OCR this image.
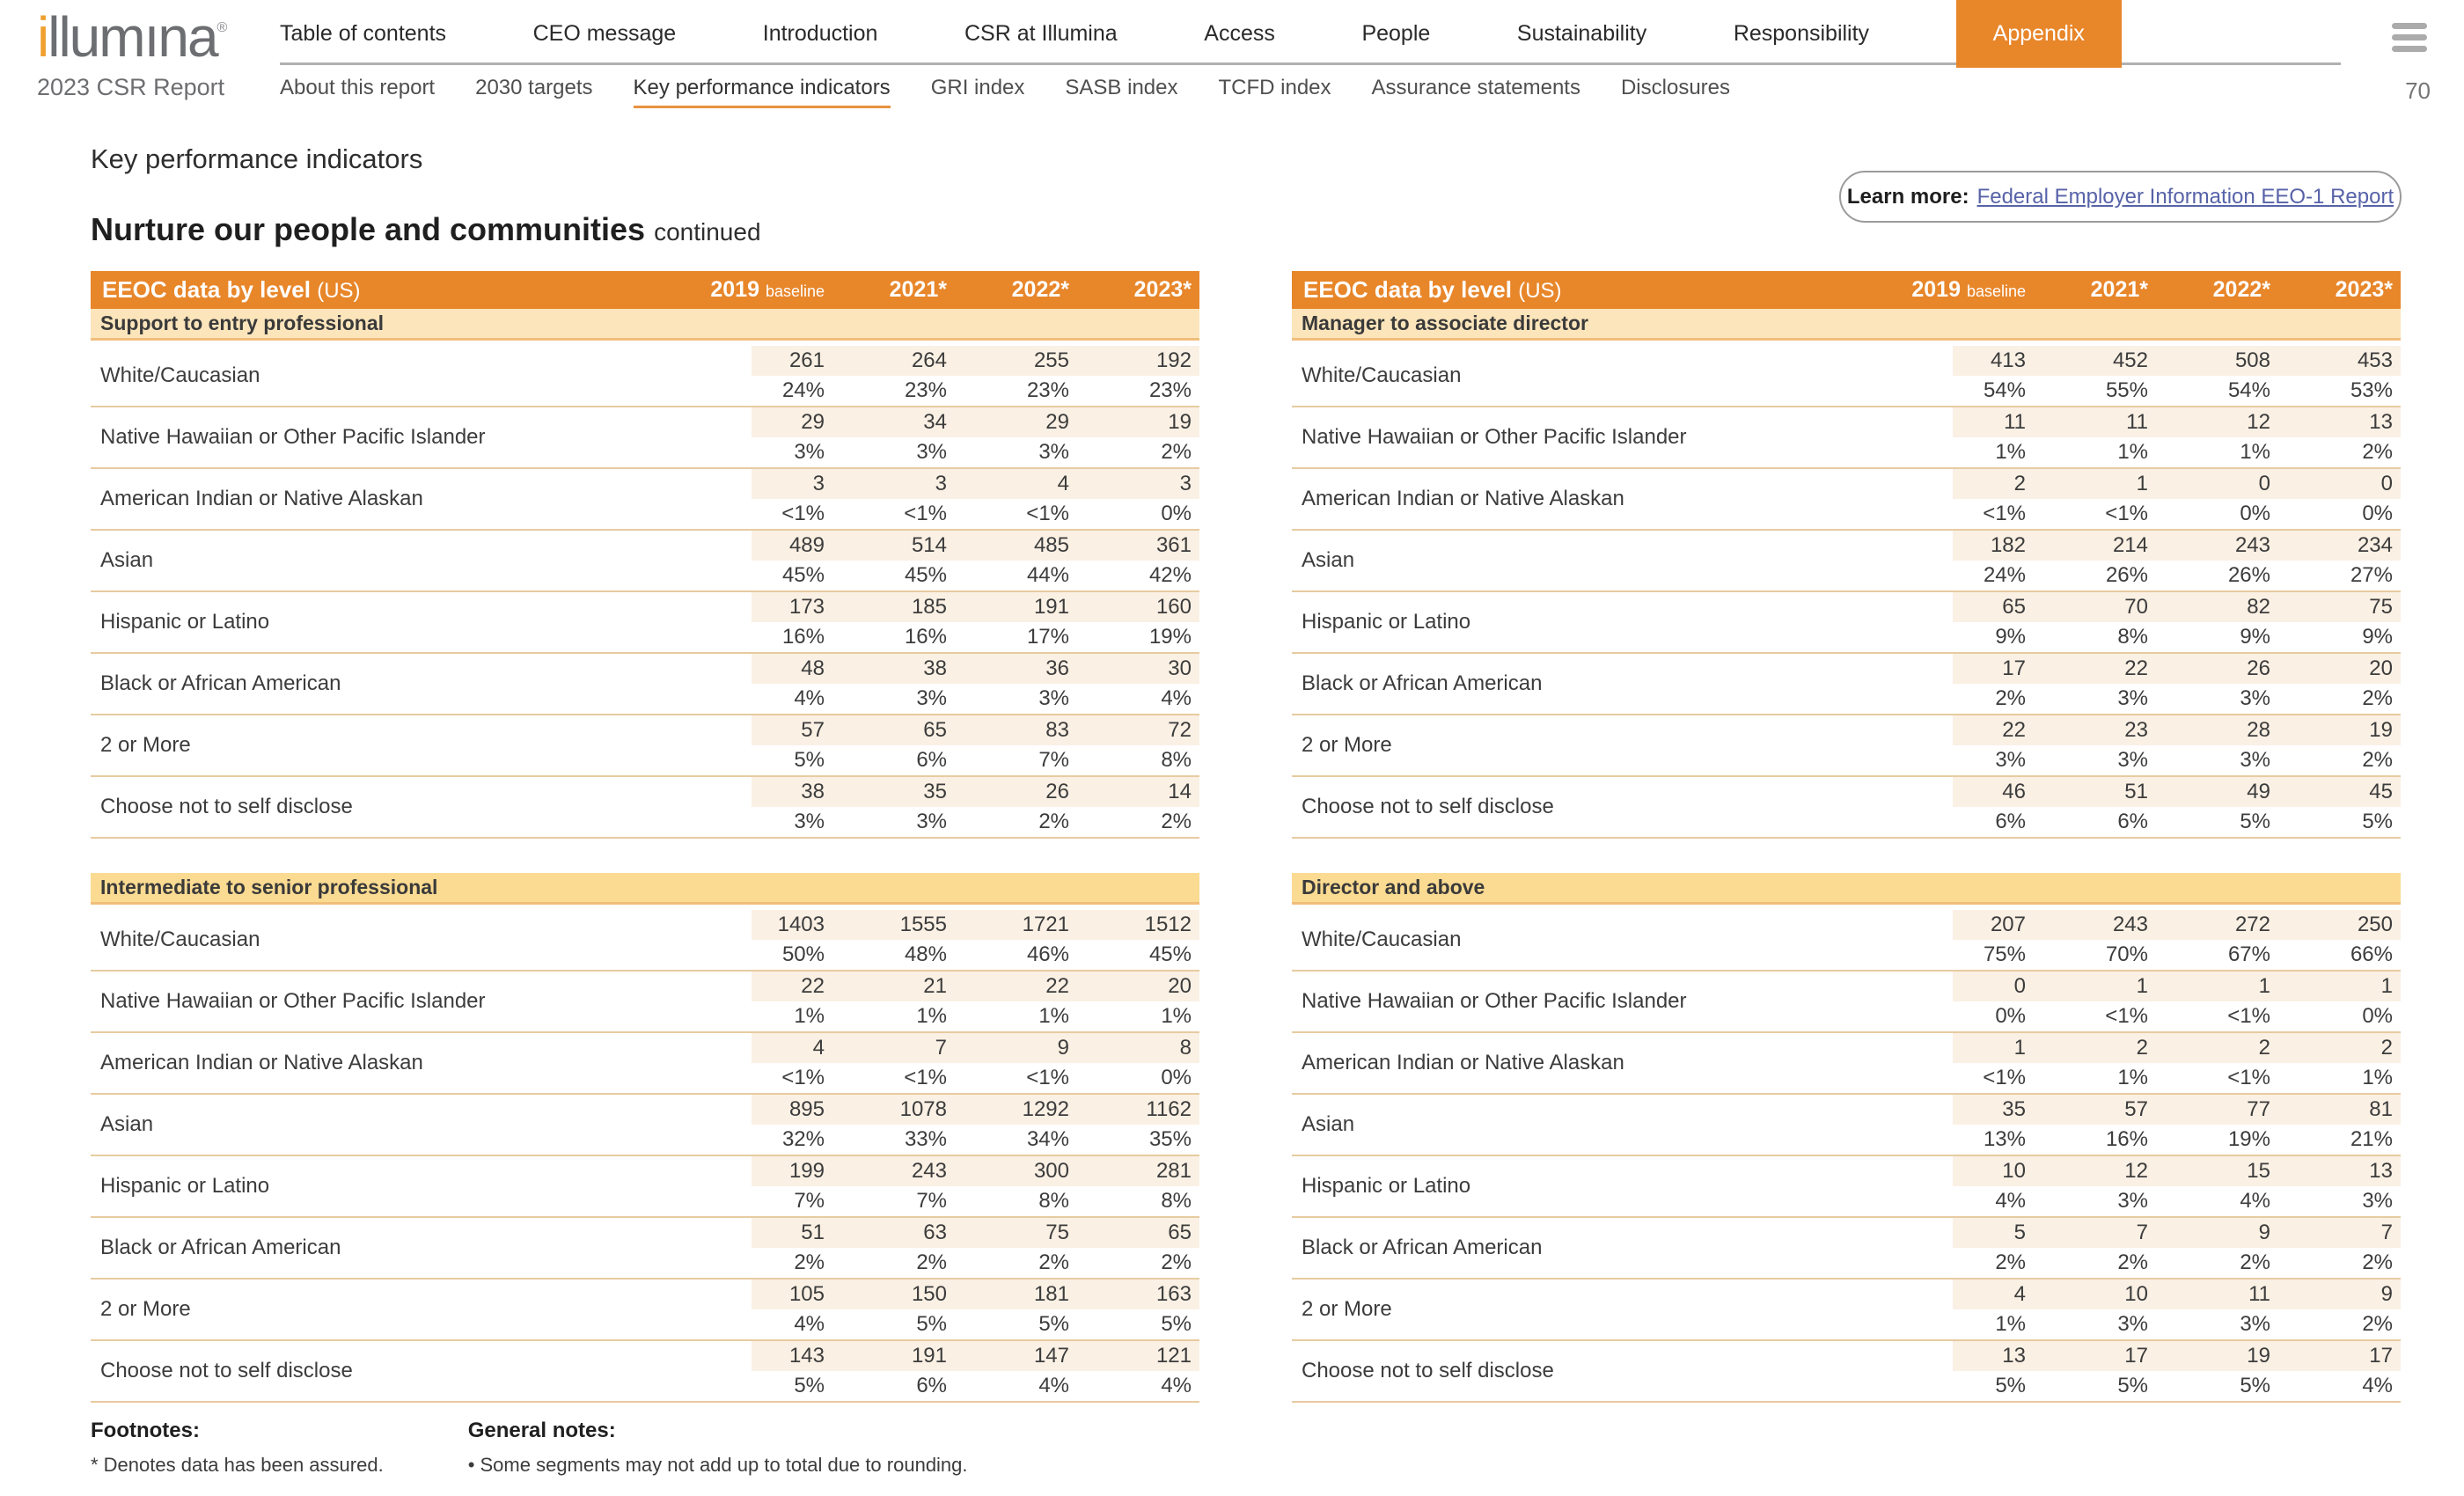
illumına®
2023 CSR Report
Table of contents	CEO message	Introduction	CSR at Illumina	Access	People	Sustainability	Responsibility	Appendix
About this report 2030 targets Key performance indicators GRI index SASB index TCFD index Assurance statements Disclosures	70
Key performance indicators
Nurture our people and communities continued
Learn more: Federal Employer Information EEO-1 Report
EEOC data by level (US)	2019 baseline	2021*	2022*	2023*
Support to entry professional
White/Caucasian
261	264	255	192
24%	23%	23%	23%
Native Hawaiian or Other Pacific Islander
29	34	29	19
3%	3%	3%	2%
American Indian or Native Alaskan
3	3	4	3
<1%	<1%	<1%	0%
Asian
489	514	485	361
45%	45%	44%	42%
Hispanic or Latino
173	185	191	160
16%	16%	17%	19%
Black or African American
48	38	36	30
4%	3%	3%	4%
2 or More
57	65	83	72
5%	6%	7%	8%
Choose not to self disclose
38	35	26	14
3%	3%	2%	2%
EEOC data by level (US)	2019 baseline	2021*	2022*	2023*
Manager to associate director
White/Caucasian
413	452	508	453
54%	55%	54%	53%
Native Hawaiian or Other Pacific Islander
11	11	12	13
1%	1%	1%	2%
American Indian or Native Alaskan
2	1	0	0
<1%	<1%	0%	0%
Asian
182	214	243	234
24%	26%	26%	27%
Hispanic or Latino
65	70	82	75
9%	8%	9%	9%
Black or African American
17	22	26	20
2%	3%	3%	2%
2 or More
22	23	28	19
3%	3%	3%	2%
Choose not to self disclose
46	51	49	45
6%	6%	5%	5%
Intermediate to senior professional
White/Caucasian
1403	1555	1721	1512
50%	48%	46%	45%
Native Hawaiian or Other Pacific Islander
22	21	22	20
1%	1%	1%	1%
American Indian or Native Alaskan
4	7	9	8
<1%	<1%	<1%	0%
Asian
895	1078	1292	1162
32%	33%	34%	35%
Hispanic or Latino
199	243	300	281
7%	7%	8%	8%
Black or African American
51	63	75	65
2%	2%	2%	2%
2 or More
105	150	181	163
4%	5%	5%	5%
Choose not to self disclose
143	191	147	121
5%	6%	4%	4%
Director and above
White/Caucasian
207	243	272	250
75%	70%	67%	66%
Native Hawaiian or Other Pacific Islander
0	1	1	1
0%	<1%	<1%	0%
American Indian or Native Alaskan
1	2	2	2
<1%	1%	<1%	1%
Asian
35	57	77	81
13%	16%	19%	21%
Hispanic or Latino
10	12	15	13
4%	3%	4%	3%
Black or African American
5	7	9	7
2%	2%	2%	2%
2 or More
4	10	11	9
1%	3%	3%	2%
Choose not to self disclose
13	17	19	17
5%	5%	5%	4%
Footnotes:
* Denotes data has been assured.
General notes:
• Some segments may not add up to total due to rounding.
